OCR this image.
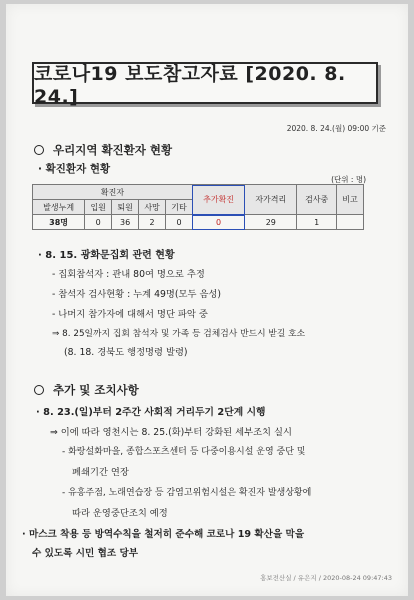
코로나19 보도참고자료 [2020. 8. 24.]
2020. 8. 24.(월) 09:00 기준
우리지역 확진환자 현황
· 확진환자 현황
(단위 : 명)
확진자					추가확진	자가격리	검사중	비고
발생누계	입원	퇴원	사망	기타				
38명	0	36	2	0	0	29	1	
· 8. 15. 광화문집회 관련 현황
- 집회참석자 : 관내 80여 명으로 추정
- 참석자 검사현황 : 누계 49명(모두 음성)
- 나머지 참가자에 대해서 명단 파악 중
⇒ 8. 25일까지 집회 참석자 및 가족 등 검체검사 반드시 받길 호소
(8. 18. 경북도 행정명령 발령)
추가 및 조치사항
· 8. 23.(일)부터 2주간 사회적 거리두기 2단계 시행
⇒ 이에 따라 영천시는 8. 25.(화)부터 강화된 세부조치 실시
- 화랑설화마을, 종합스포츠센터 등 다중이용시설 운영 중단 및
폐쇄기간 연장
- 유흥주점, 노래연습장 등 감염고위험시설은 확진자 발생상황에
따라 운영중단조치 예정
· 마스크 착용 등 방역수칙을 철저히 준수해 코로나 19 확산을 막을
수 있도록 시민 협조 당부
홍보전산실 / 유은지 / 2020-08-24 09:47:43
